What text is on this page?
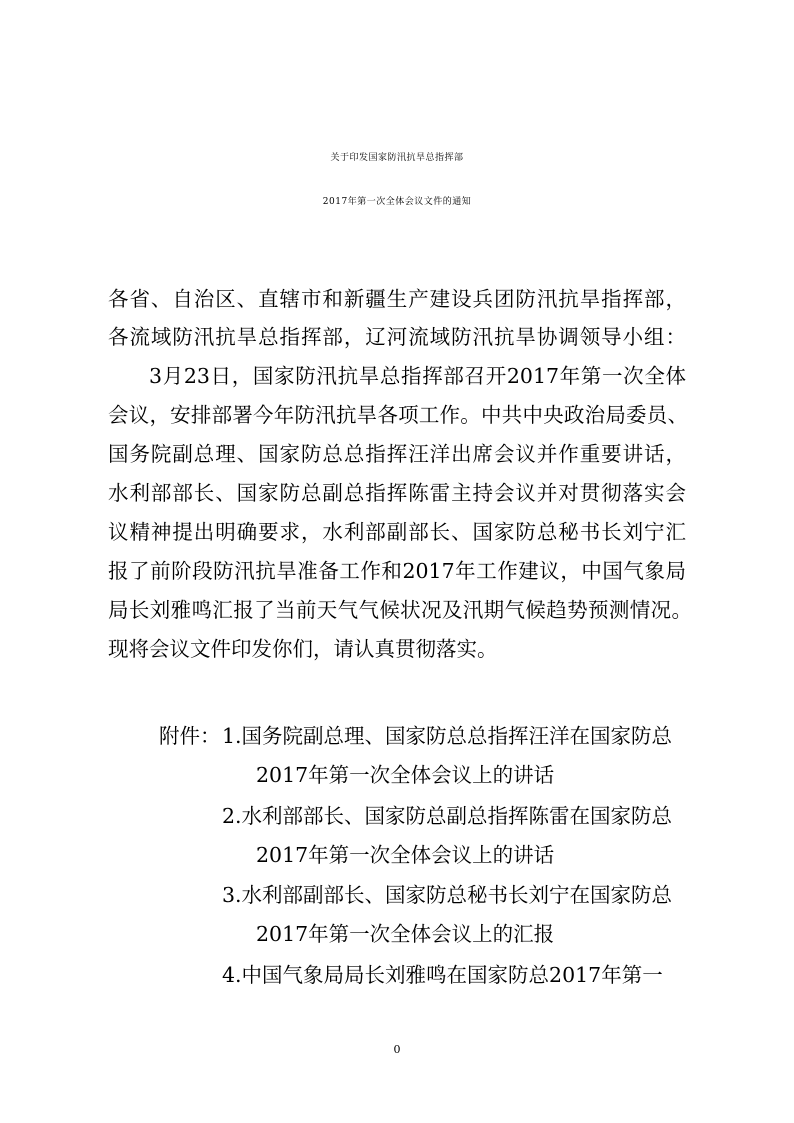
关于印发国家防汛抗旱总指挥部
2017年第一次全体会议文件的通知
各省、自治区、直辖市和新疆生产建设兵团防汛抗旱指挥部，
各流域防汛抗旱总指挥部，辽河流域防汛抗旱协调领导小组：
3月23日，国家防汛抗旱总指挥部召开2017年第一次全体
会议，安排部署今年防汛抗旱各项工作。中共中央政治局委员、
国务院副总理、国家防总总指挥汪洋出席会议并作重要讲话，
水利部部长、国家防总副总指挥陈雷主持会议并对贯彻落实会
议精神提出明确要求，水利部副部长、国家防总秘书长刘宁汇
报了前阶段防汛抗旱准备工作和2017年工作建议，中国气象局
局长刘雅鸣汇报了当前天气气候状况及汛期气候趋势预测情况。
现将会议文件印发你们，请认真贯彻落实。
附件： 1.国务院副总理、国家防总总指挥汪洋在国家防总
2017年第一次全体会议上的讲话
2.水利部部长、国家防总副总指挥陈雷在国家防总
2017年第一次全体会议上的讲话
3.水利部副部长、国家防总秘书长刘宁在国家防总
2017年第一次全体会议上的汇报
4.中国气象局局长刘雅鸣在国家防总2017年第一
0
